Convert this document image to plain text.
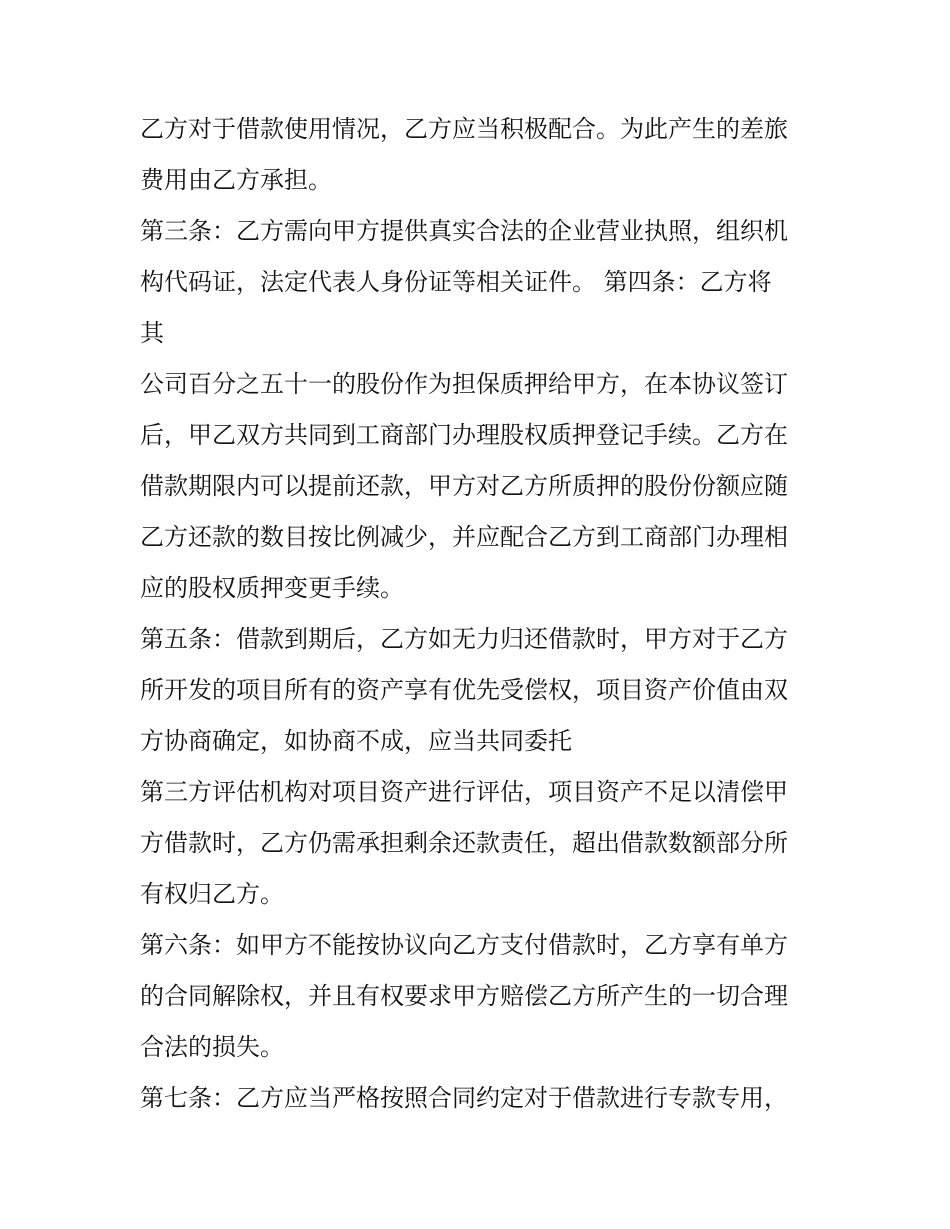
乙方对于借款使用情况，乙方应当积极配合。为此产生的差旅
费用由乙方承担。
第三条：乙方需向甲方提供真实合法的企业营业执照，组织机
构代码证，法定代表人身份证等相关证件。 第四条：乙方将
其
公司百分之五十一的股份作为担保质押给甲方，在本协议签订
后，甲乙双方共同到工商部门办理股权质押登记手续。乙方在
借款期限内可以提前还款，甲方对乙方所质押的股份份额应随
乙方还款的数目按比例减少，并应配合乙方到工商部门办理相
应的股权质押变更手续。
第五条：借款到期后，乙方如无力归还借款时，甲方对于乙方
所开发的项目所有的资产享有优先受偿权，项目资产价值由双
方协商确定，如协商不成，应当共同委托
第三方评估机构对项目资产进行评估，项目资产不足以清偿甲
方借款时，乙方仍需承担剩余还款责任，超出借款数额部分所
有权归乙方。
第六条：如甲方不能按协议向乙方支付借款时，乙方享有单方
的合同解除权，并且有权要求甲方赔偿乙方所产生的一切合理
合法的损失。
第七条：乙方应当严格按照合同约定对于借款进行专款专用，
